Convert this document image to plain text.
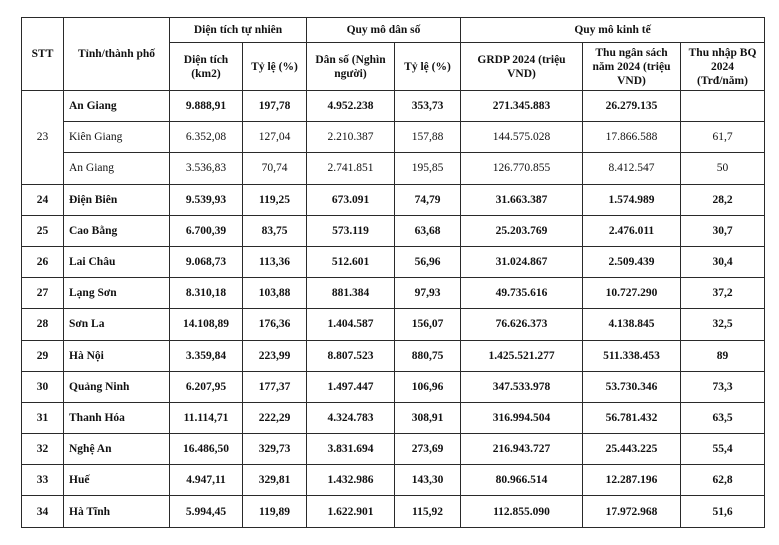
STT	Tỉnh/thành phố	Diện tích tự nhiên		Quy mô dân số		Quy mô kinh tế		
		Diện tích (km2)	Tỷ lệ (%)	Dân số (Nghìn người)	Tỷ lệ (%)	GRDP 2024 (triệu VND)	Thu ngân sách năm 2024 (triệu VND)	Thu nhập BQ 2024 (Trđ/năm)
23	An Giang	9.888,91	197,78	4.952.238	353,73	271.345.883	26.279.135	
	Kiên Giang	6.352,08	127,04	2.210.387	157,88	144.575.028	17.866.588	61,7
	An Giang	3.536,83	70,74	2.741.851	195,85	126.770.855	8.412.547	50
24	Điện Biên	9.539,93	119,25	673.091	74,79	31.663.387	1.574.989	28,2
25	Cao Bằng	6.700,39	83,75	573.119	63,68	25.203.769	2.476.011	30,7
26	Lai Châu	9.068,73	113,36	512.601	56,96	31.024.867	2.509.439	30,4
27	Lạng Sơn	8.310,18	103,88	881.384	97,93	49.735.616	10.727.290	37,2
28	Sơn La	14.108,89	176,36	1.404.587	156,07	76.626.373	4.138.845	32,5
29	Hà Nội	3.359,84	223,99	8.807.523	880,75	1.425.521.277	511.338.453	89
30	Quảng Ninh	6.207,95	177,37	1.497.447	106,96	347.533.978	53.730.346	73,3
31	Thanh Hóa	11.114,71	222,29	4.324.783	308,91	316.994.504	56.781.432	63,5
32	Nghệ An	16.486,50	329,73	3.831.694	273,69	216.943.727	25.443.225	55,4
33	Huế	4.947,11	329,81	1.432.986	143,30	80.966.514	12.287.196	62,8
34	Hà Tĩnh	5.994,45	119,89	1.622.901	115,92	112.855.090	17.972.968	51,6
